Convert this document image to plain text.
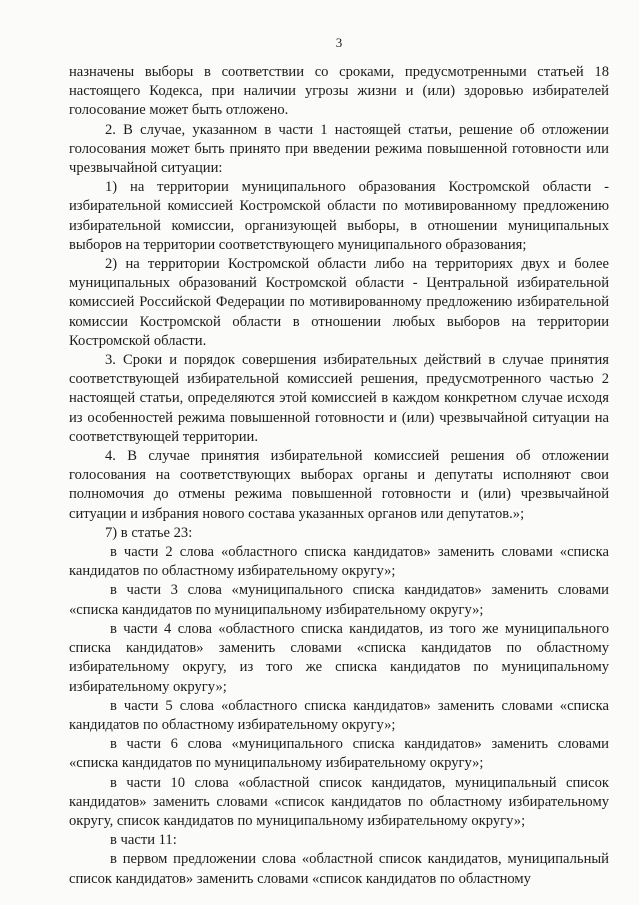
3

назначены выборы в соответствии со сроками, предусмотренными статьей 18 настоящего Кодекса, при наличии угрозы жизни и (или) здоровью избирателей голосование может быть отложено.

2. В случае, указанном в части 1 настоящей статьи, решение об отложении голосования может быть принято при введении режима повышенной готовности или чрезвычайной ситуации:

1) на территории муниципального образования Костромской области - избирательной комиссией Костромской области по мотивированному предложению избирательной комиссии, организующей выборы, в отношении муниципальных выборов на территории соответствующего муниципального образования;

2) на территории Костромской области либо на территориях двух и более муниципальных образований Костромской области - Центральной избирательной комиссией Российской Федерации по мотивированному предложению избирательной комиссии Костромской области в отношении любых выборов на территории Костромской области.

3. Сроки и порядок совершения избирательных действий в случае принятия соответствующей избирательной комиссией решения, предусмотренного частью 2 настоящей статьи, определяются этой комиссией в каждом конкретном случае исходя из особенностей режима повышенной готовности и (или) чрезвычайной ситуации на соответствующей территории.

4. В случае принятия избирательной комиссией решения об отложении голосования на соответствующих выборах органы и депутаты исполняют свои полномочия до отмены режима повышенной готовности и (или) чрезвычайной ситуации и избрания нового состава указанных органов или депутатов.»;

7) в статье 23:

в части 2 слова «областного списка кандидатов» заменить словами «списка кандидатов по областному избирательному округу»;

в части 3 слова «муниципального списка кандидатов» заменить словами «списка кандидатов по муниципальному избирательному округу»;

в части 4 слова «областного списка кандидатов, из того же муниципального списка кандидатов» заменить словами «списка кандидатов по областному избирательному округу, из того же списка кандидатов по муниципальному избирательному округу»;

в части 5 слова «областного списка кандидатов» заменить словами «списка кандидатов по областному избирательному округу»;

в части 6 слова «муниципального списка кандидатов» заменить словами «списка кандидатов по муниципальному избирательному округу»;

в части 10 слова «областной список кандидатов, муниципальный список кандидатов» заменить словами «список кандидатов по областному избирательному округу, список кандидатов по муниципальному избирательному округу»;

в части 11:

в первом предложении слова «областной список кандидатов, муниципальный список кандидатов» заменить словами «список кандидатов по областному
